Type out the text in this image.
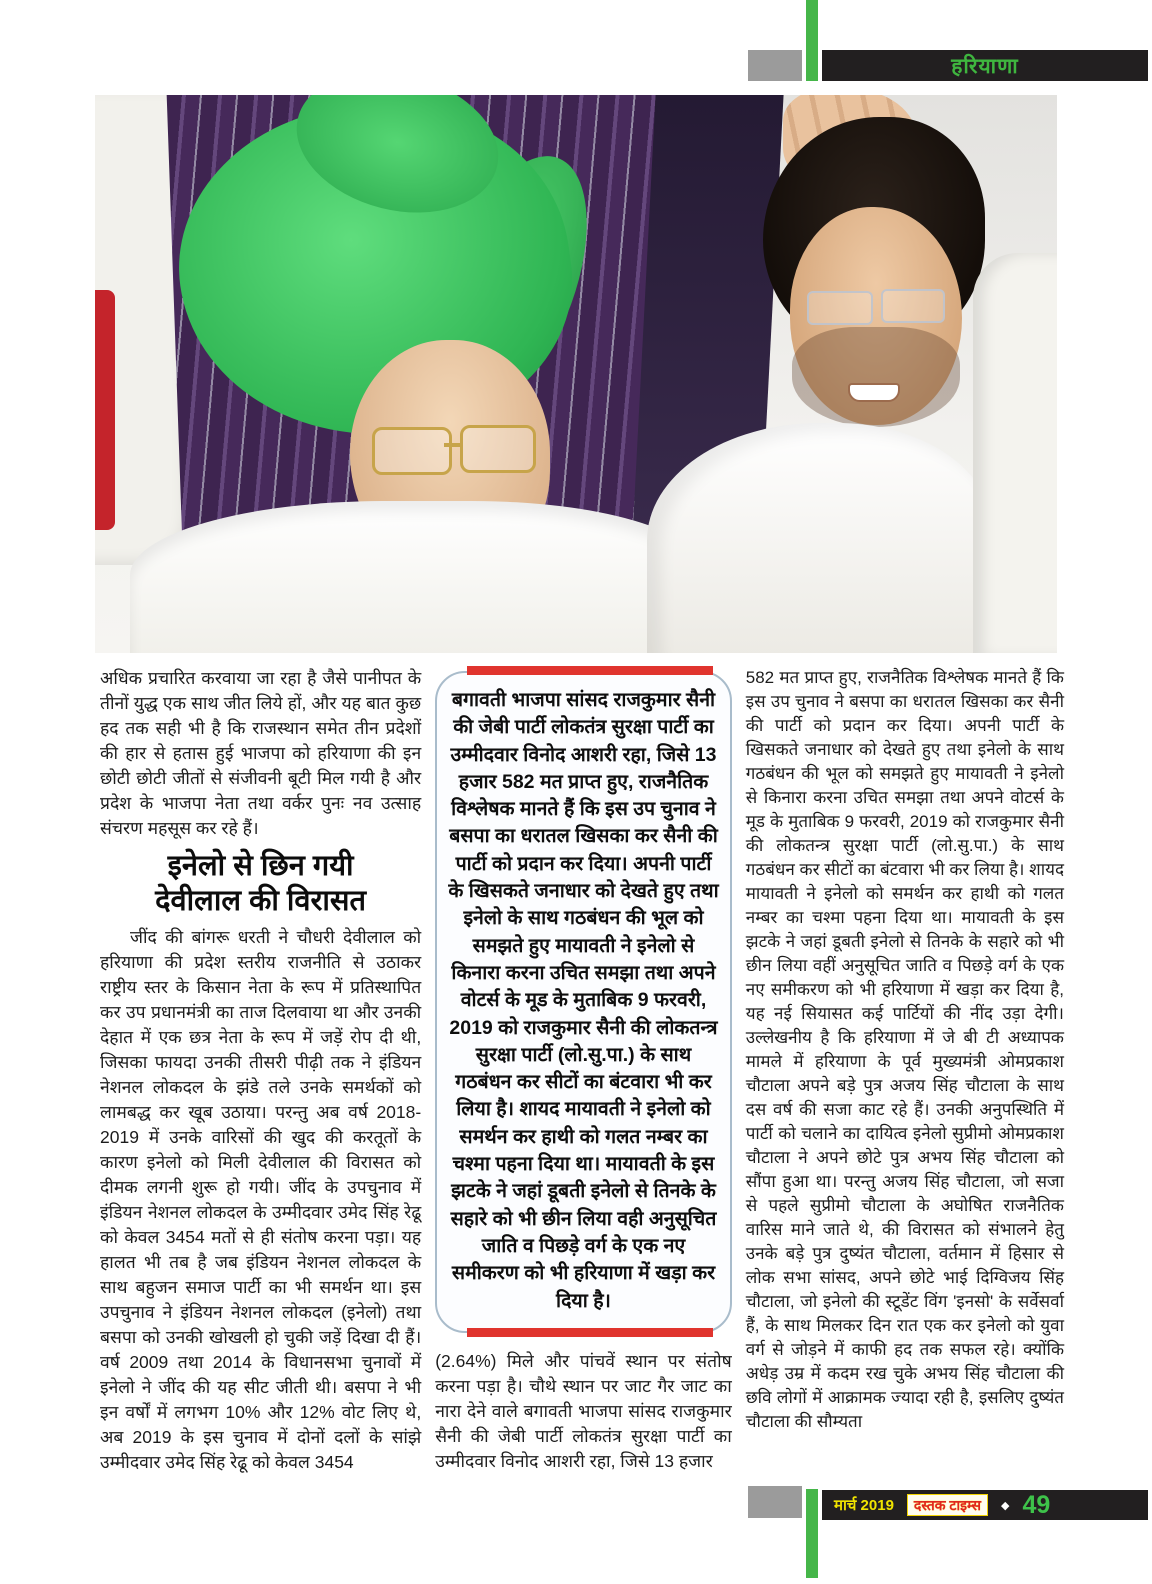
हरियाणा

अधिक प्रचारित करवाया जा रहा है जैसे पानीपत के तीनों युद्ध एक साथ जीत लिये हों, और यह बात कुछ हद तक सही भी है कि राजस्थान समेत तीन प्रदेशों की हार से हतास हुई भाजपा को हरियाणा की इन छोटी छोटी जीतों से संजीवनी बूटी मिल गयी है और प्रदेश के भाजपा नेता तथा वर्कर पुनः नव उत्साह संचरण महसूस कर रहे हैं।

इनेलो से छिन गयी
देवीलाल की विरासत

जींद की बांगरू धरती ने चौधरी देवीलाल को हरियाणा की प्रदेश स्तरीय राजनीति से उठाकर राष्ट्रीय स्तर के किसान नेता के रूप में प्रतिस्थापित कर उप प्रधानमंत्री का ताज दिलवाया था और उनकी देहात में एक छत्र नेता के रूप में जड़ें रोप दी थी, जिसका फायदा उनकी तीसरी पीढ़ी तक ने इंडियन नेशनल लोकदल के झंडे तले उनके समर्थकों को लामबद्ध कर खूब उठाया। परन्तु अब वर्ष 2018-2019 में उनके वारिसों की खुद की करतूतों के कारण इनेलो को मिली देवीलाल की विरासत को दीमक लगनी शुरू हो गयी। जींद के उपचुनाव में इंडियन नेशनल लोकदल के उम्मीदवार उमेद सिंह रेढू को केवल 3454 मतों से ही संतोष करना पड़ा। यह हालत भी तब है जब इंडियन नेशनल लोकदल के साथ बहुजन समाज पार्टी का भी समर्थन था। इस उपचुनाव ने इंडियन नेशनल लोकदल (इनेलो) तथा बसपा को उनकी खोखली हो चुकी जड़ें दिखा दी हैं। वर्ष 2009 तथा 2014 के विधानसभा चुनावों में इनेलो ने जींद की यह सीट जीती थी। बसपा ने भी इन वर्षों में लगभग 10% और 12% वोट लिए थे, अब 2019 के इस चुनाव में दोनों दलों के सांझे उम्मीदवार उमेद सिंह रेढू को केवल 3454

बगावती भाजपा सांसद राजकुमार सैनी की जेबी पार्टी लोकतंत्र सुरक्षा पार्टी का उम्मीदवार विनोद आशरी रहा, जिसे 13 हजार 582 मत प्राप्त हुए, राजनैतिक विश्लेषक मानते हैं कि इस उप चुनाव ने बसपा का धरातल खिसका कर सैनी की पार्टी को प्रदान कर दिया। अपनी पार्टी के खिसकते जनाधार को देखते हुए तथा इनेलो के साथ गठबंधन की भूल को समझते हुए मायावती ने इनेलो से किनारा करना उचित समझा तथा अपने वोटर्स के मूड के मुताबिक 9 फरवरी, 2019 को राजकुमार सैनी की लोकतन्त्र सुरक्षा पार्टी (लो.सु.पा.) के साथ गठबंधन कर सीटों का बंटवारा भी कर लिया है। शायद मायावती ने इनेलो को समर्थन कर हाथी को गलत नम्बर का चश्मा पहना दिया था। मायावती के इस झटके ने जहां डूबती इनेलो से तिनके के सहारे को भी छीन लिया वही अनुसूचित जाति व पिछड़े वर्ग के एक नए समीकरण को भी हरियाणा में खड़ा कर दिया है।

(2.64%) मिले और पांचवें स्थान पर संतोष करना पड़ा है। चौथे स्थान पर जाट गैर जाट का नारा देने वाले बगावती भाजपा सांसद राजकुमार सैनी की जेबी पार्टी लोकतंत्र सुरक्षा पार्टी का उम्मीदवार विनोद आशरी रहा, जिसे 13 हजार

582 मत प्राप्त हुए, राजनैतिक विश्लेषक मानते हैं कि इस उप चुनाव ने बसपा का धरातल खिसका कर सैनी की पार्टी को प्रदान कर दिया। अपनी पार्टी के खिसकते जनाधार को देखते हुए तथा इनेलो के साथ गठबंधन की भूल को समझते हुए मायावती ने इनेलो से किनारा करना उचित समझा तथा अपने वोटर्स के मूड के मुताबिक 9 फरवरी, 2019 को राजकुमार सैनी की लोकतन्त्र सुरक्षा पार्टी (लो.सु.पा.) के साथ गठबंधन कर सीटों का बंटवारा भी कर लिया है। शायद मायावती ने इनेलो को समर्थन कर हाथी को गलत नम्बर का चश्मा पहना दिया था। मायावती के इस झटके ने जहां डूबती इनेलो से तिनके के सहारे को भी छीन लिया वहीं अनुसूचित जाति व पिछड़े वर्ग के एक नए समीकरण को भी हरियाणा में खड़ा कर दिया है, यह नई सियासत कई पार्टियों की नींद उड़ा देगी। उल्लेखनीय है कि हरियाणा में जे बी टी अध्यापक मामले में हरियाणा के पूर्व मुख्यमंत्री ओमप्रकाश चौटाला अपने बड़े पुत्र अजय सिंह चौटाला के साथ दस वर्ष की सजा काट रहे हैं। उनकी अनुपस्थिति में पार्टी को चलाने का दायित्व इनेलो सुप्रीमो ओमप्रकाश चौटाला ने अपने छोटे पुत्र अभय सिंह चौटाला को सौंपा हुआ था। परन्तु अजय सिंह चौटाला, जो सजा से पहले सुप्रीमो चौटाला के अघोषित राजनैतिक वारिस माने जाते थे, की विरासत को संभालने हेतु उनके बड़े पुत्र दुष्यंत चौटाला, वर्तमान में हिसार से लोक सभा सांसद, अपने छोटे भाई दिग्विजय सिंह चौटाला, जो इनेलो की स्टूडेंट विंग 'इनसो' के सर्वेसर्वा हैं, के साथ मिलकर दिन रात एक कर इनेलो को युवा वर्ग से जोड़ने में काफी हद तक सफल रहे। क्योंकि अधेड़ उम्र में कदम रख चुके अभय सिंह चौटाला की छवि लोगों में आक्रामक ज्यादा रही है, इसलिए दुष्यंत चौटाला की सौम्यता

मार्च 2019	दस्तक टाइम्स	◆ 49
